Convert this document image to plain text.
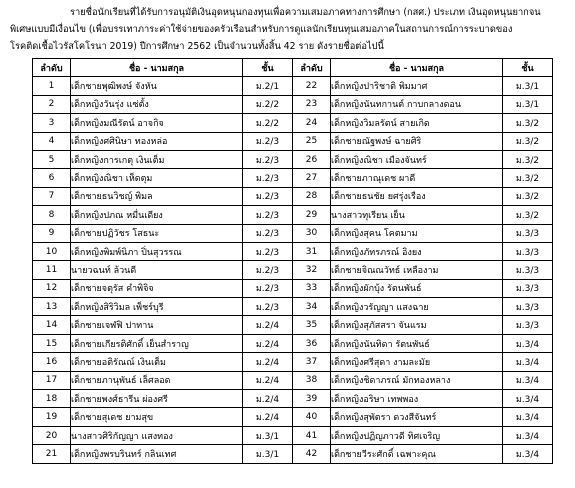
รายชื่อนักเรียนที่ได้รับการอนุมัติเงินอุดหนุนกองทุนเพื่อความเสมอภาคทางการศึกษา (กสศ.) ประเภท เงินอุดหนุนยากจน

พิเศษแบบมีเงื่อนไข (เพื่อบรรเทาภาระค่าใช้จ่ายของครัวเรือนสำหรับการดูแลนักเรียนทุนเสมอภาคในสถานการณ์การระบาดของ

โรคติดเชื้อไวรัสโคโรนา 2019) ปีการศึกษา 2562 เป็นจำนวนทั้งสิ้น 42 ราย ดังรายชื่อต่อไปนี้

ลำดับ	ชื่อ - นามสกุล	ชั้น	ลำดับ	ชื่อ - นามสกุล	ชั้น
1	เด็กชายพุฒิพงษ์ จังหัน	ม.2/1	22	เด็กหญิงปาริชาติ พิมมาศ	ม.3/1
2	เด็กหญิงวันรุ่ง แซ่ตั้ง	ม.2/2	23	เด็กหญิงนันทกานต์ กาบกลางดอน	ม.3/1
3	เด็กหญิงมณีรัตน์ อาจกิจ	ม.2/2	24	เด็กหญิงวิมลรัตน์ สายเกิด	ม.3/2
4	เด็กหญิงศศินิษา ทองหล่อ	ม.2/3	25	เด็กชายณัฐพงษ์ ฉายศิริ	ม.3/2
5	เด็กหญิงการเกตุ เงินเต็ม	ม.2/3	26	เด็กหญิงณิชา เมืองจันทร์	ม.3/2
6	เด็กหญิงณิชา เห็ดตุม	ม.2/3	27	เด็กชายภาณุเดช ผาดี	ม.3/2
7	เด็กชายธนวิชญ์ พิมล	ม.2/3	28	เด็กชายธนชัย ยศรุ่งเรือง	ม.3/2
8	เด็กหญิงปภณ หมื่นเดียง	ม.2/3	29	นางสาวทุเรียน เย็น	ม.3/2
9	เด็กชายปฏิวัชร โสธนะ	ม.2/3	30	เด็กหญิงสุคน โคตมาม	ม.3/3
10	เด็กหญิงพิมพ์นิภา ปิ่นสุวรรณ	ม.2/3	31	เด็กหญิงภัทรภรณ์ อิงยง	ม.3/3
11	นายวฉนท์ ล้วนดี	ม.2/3	32	เด็กชายจิณณวัทธ์ เหลืองาม	ม.3/3
12	เด็กชายจตุรัส คำพิจิจ	ม.2/3	33	เด็กหญิงผักบุ้ง รัตนพันธ์	ม.3/3
13	เด็กหญิงสิริวิมล เพ็ชร์บุรี	ม.2/3	34	เด็กหญิงวรัญญา แสงฉาย	ม.3/3
14	เด็กชายเจฬฟิ ปาทาน	ม.2/4	35	เด็กหญิงสุภัสสรา จันแรม	ม.3/3
15	เด็กชายเกียรติศักดิ์ เย็นสำราญ	ม.2/4	36	เด็กหญิงนันทิดา รัตนพันธ์	ม.3/4
16	เด็กชายอติรัณณ์ เงินเต็ม	ม.2/4	37	เด็กหญิงศรีสุดา งามละมัย	ม.3/4
17	เด็กชายภานุพันธ์ เล็ศลอด	ม.2/4	38	เด็กหญิงชิดาภรณ์ มักทองหลาง	ม.3/4
18	เด็กชายพงศ์ธารีน ผ่องศรี	ม.2/4	39	เด็กหญิงอริษา เทพพอง	ม.3/4
19	เด็กชายสุเดช ยามสุข	ม.2/4	40	เด็กหญิงสุพัตรา ดวงสีจันทร์	ม.3/4
20	นางสาวศิริกัญญา แสงทอง	ม.3/1	41	เด็กหญิงปฏิญภาวดี ทิศเจริญ	ม.3/4
21	เด็กหญิงพรบรินทร์ กลินเทศ	ม.3/1	42	เด็กชายวีระศักดิ์ เฉพาะคุณ	ม.3/4
